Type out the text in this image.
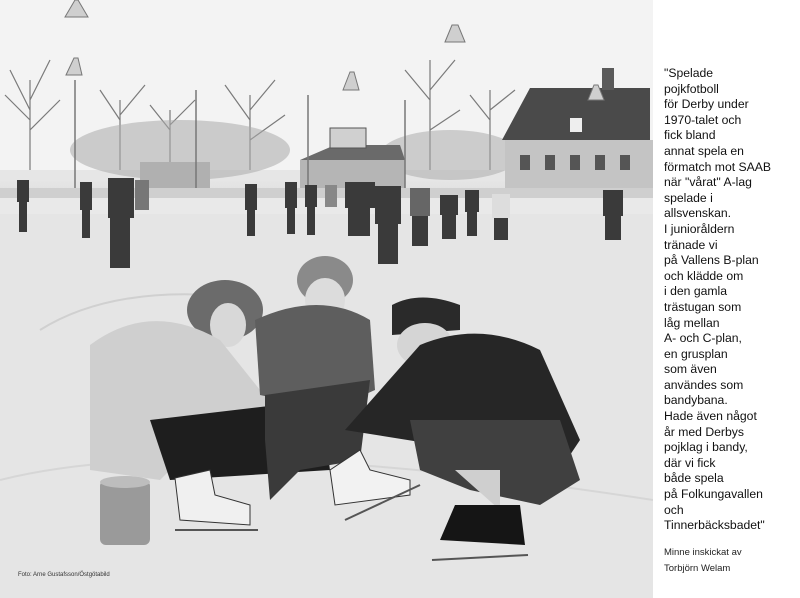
Foto: Arne Gustafsson/Östgötabild
"Spelade
pojkfotboll
för Derby under
1970-talet och
fick bland
annat spela en
förmatch mot SAAB
när "vårat" A-lag
spelade i
allsvenskan.
I junioråldern
tränade vi
på Vallens B-plan
och klädde om
i den gamla
trästugan som
låg mellan
A- och C-plan,
en grusplan
som även
användes som
bandybana.
Hade även något
år med Derbys
pojklag i bandy,
där vi fick
både spela
på Folkungavallen
och
Tinnerbäcksbadet"
Minne inskickat av
Torbjörn Welam
